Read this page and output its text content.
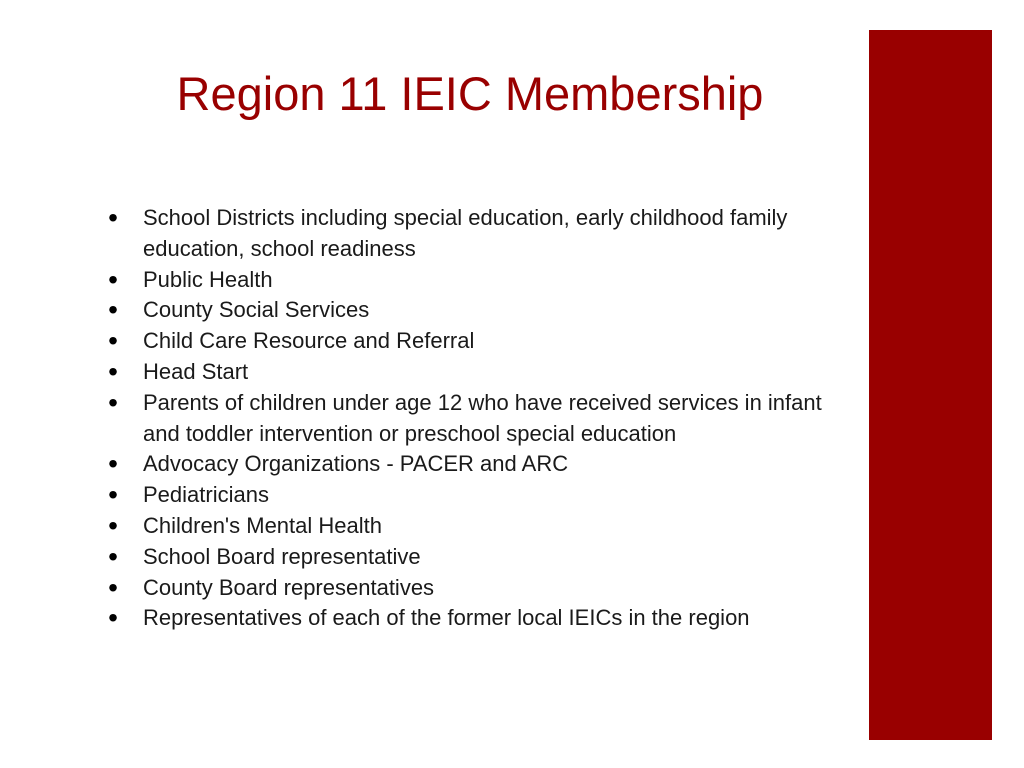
Region 11 IEIC Membership
• School Districts including special education, early childhood family education, school readiness
• Public Health
• County Social Services
• Child Care Resource and Referral
• Head Start
• Parents of children under age 12 who have received services in infant and toddler intervention or preschool special education
• Advocacy Organizations - PACER and ARC
• Pediatricians
• Children's Mental Health
• School Board representative
• County Board representatives
• Representatives of each of the former local IEICs in the region
